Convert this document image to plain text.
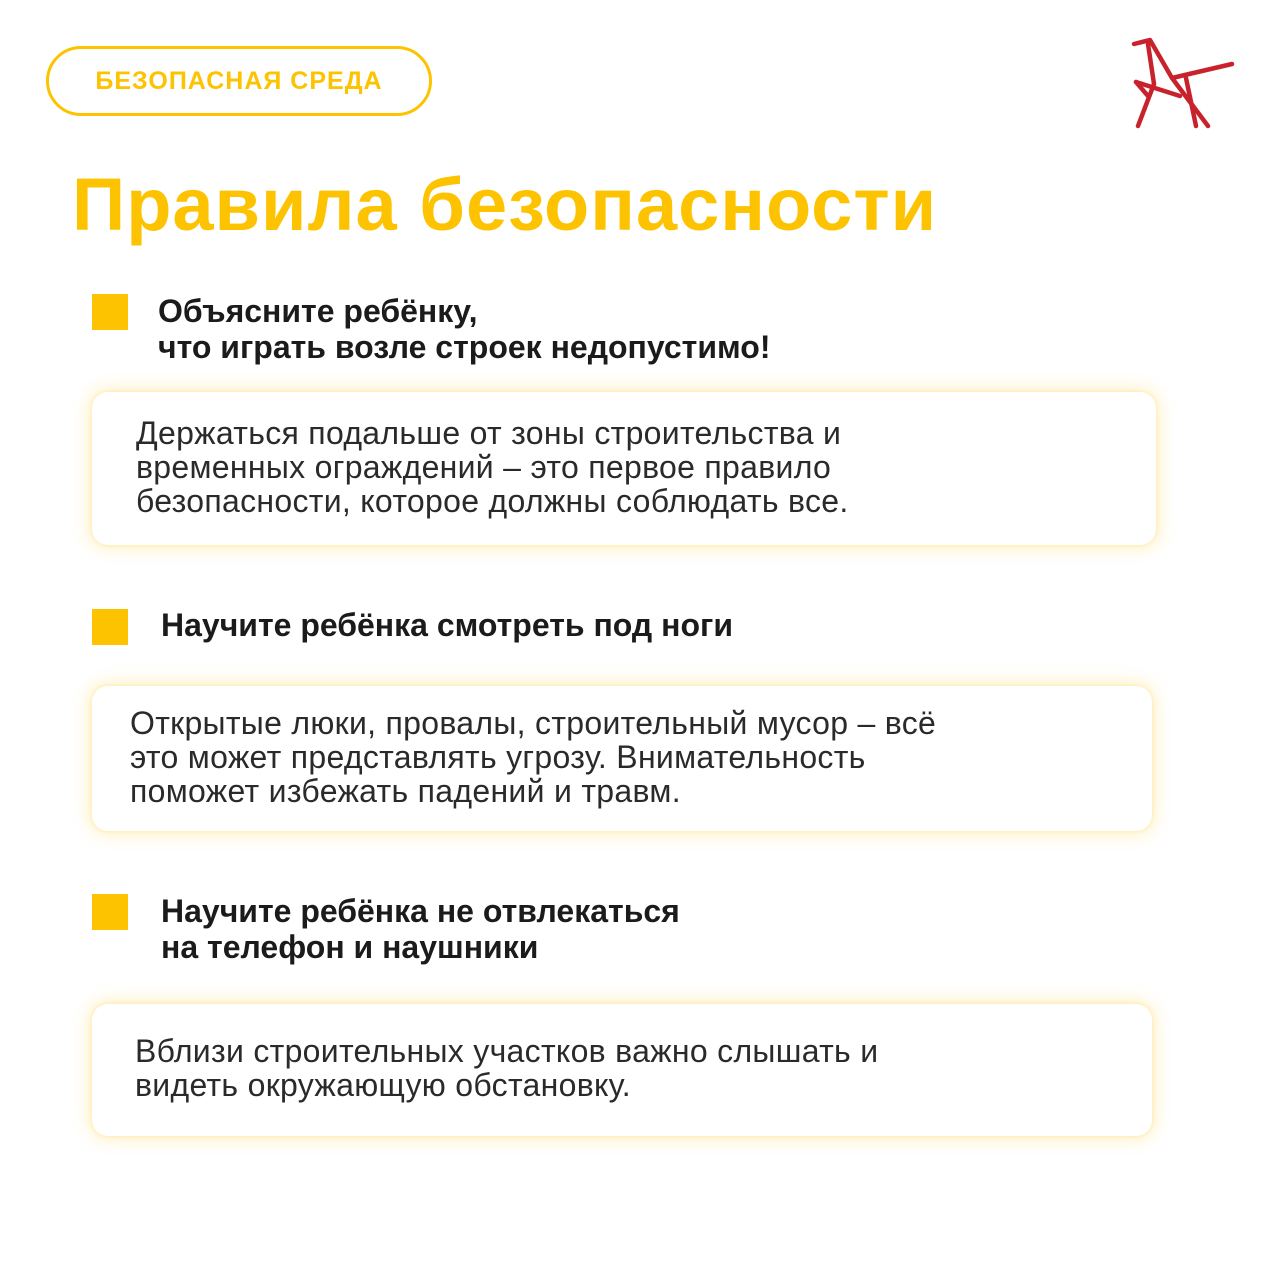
БЕЗОПАСНАЯ СРЕДА
Правила безопасности
Объясните ребёнку,
что играть возле строек недопустимо!

Держаться подальше от зоны строительства и
временных ограждений – это первое правило
безопасности, которое должны соблюдать все.

Научите ребёнка смотреть под ноги

Открытые люки, провалы, строительный мусор – всё
это может представлять угрозу. Внимательность
поможет избежать падений и травм.

Научите ребёнка не отвлекаться
на телефон и наушники

Вблизи строительных участков важно слышать и
видеть окружающую обстановку.
